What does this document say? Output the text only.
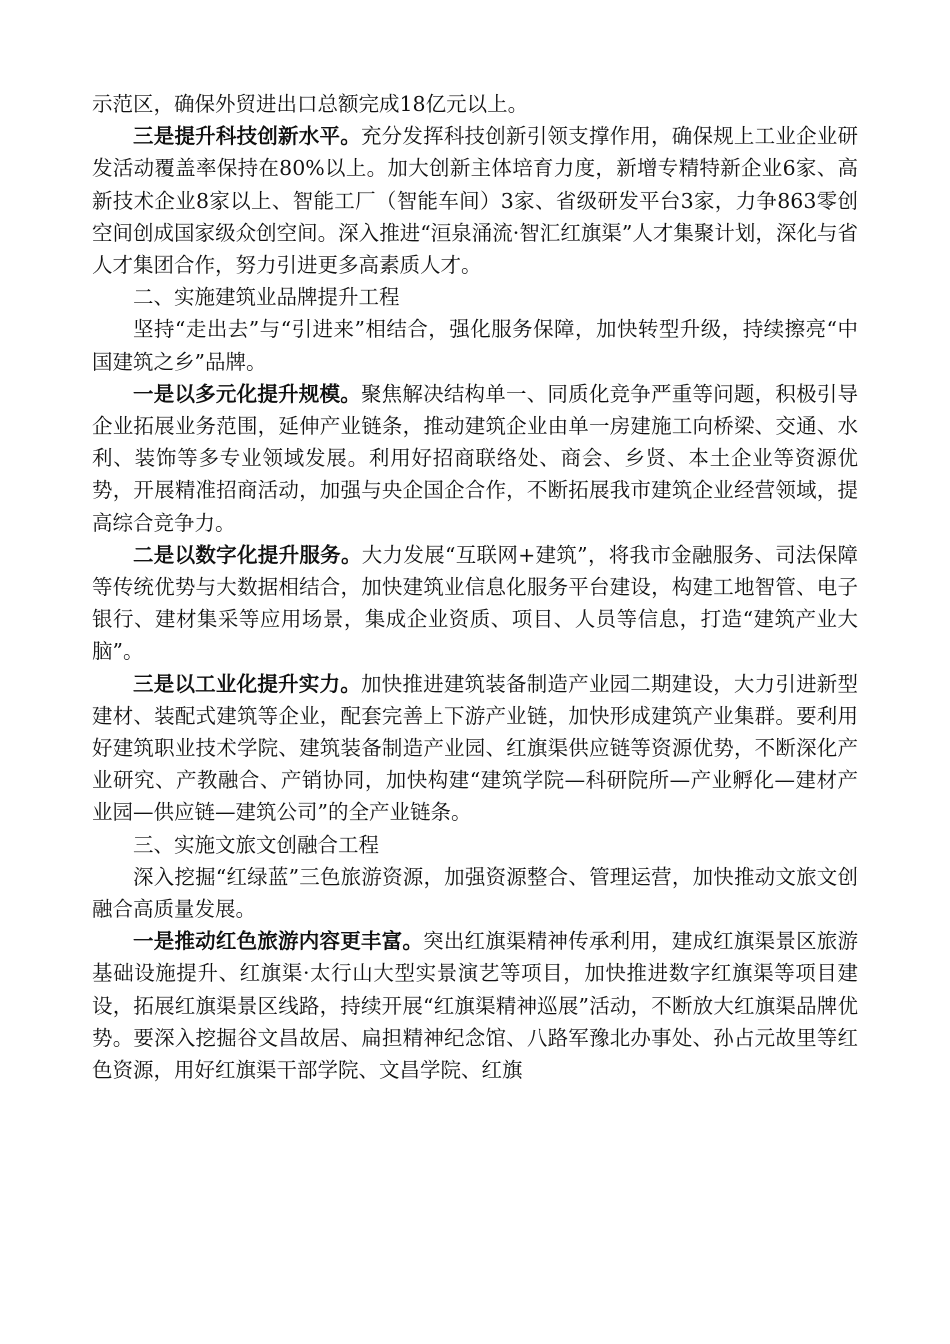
示范区，确保外贸进出口总额完成18亿元以上。

三是提升科技创新水平。充分发挥科技创新引领支撑作用，确保规上工业企业研发活动覆盖率保持在80%以上。加大创新主体培育力度，新增专精特新企业6家、高新技术企业8家以上、智能工厂（智能车间）3家、省级研发平台3家，力争863零创空间创成国家级众创空间。深入推进“洹泉涌流·智汇红旗渠”人才集聚计划，深化与省人才集团合作，努力引进更多高素质人才。

二、实施建筑业品牌提升工程

坚持“走出去”与“引进来”相结合，强化服务保障，加快转型升级，持续擦亮“中国建筑之乡”品牌。

一是以多元化提升规模。聚焦解决结构单一、同质化竞争严重等问题，积极引导企业拓展业务范围，延伸产业链条，推动建筑企业由单一房建施工向桥梁、交通、水利、装饰等多专业领域发展。利用好招商联络处、商会、乡贤、本土企业等资源优势，开展精准招商活动，加强与央企国企合作，不断拓展我市建筑企业经营领域，提高综合竞争力。

二是以数字化提升服务。大力发展“互联网+建筑”，将我市金融服务、司法保障等传统优势与大数据相结合，加快建筑业信息化服务平台建设，构建工地智管、电子银行、建材集采等应用场景，集成企业资质、项目、人员等信息，打造“建筑产业大脑”。

三是以工业化提升实力。加快推进建筑装备制造产业园二期建设，大力引进新型建材、装配式建筑等企业，配套完善上下游产业链，加快形成建筑产业集群。要利用好建筑职业技术学院、建筑装备制造产业园、红旗渠供应链等资源优势，不断深化产业研究、产教融合、产销协同，加快构建“建筑学院—科研院所—产业孵化—建材产业园—供应链—建筑公司”的全产业链条。

三、实施文旅文创融合工程

深入挖掘“红绿蓝”三色旅游资源，加强资源整合、管理运营，加快推动文旅文创融合高质量发展。

一是推动红色旅游内容更丰富。突出红旗渠精神传承利用，建成红旗渠景区旅游基础设施提升、红旗渠·太行山大型实景演艺等项目，加快推进数字红旗渠等项目建设，拓展红旗渠景区线路，持续开展“红旗渠精神巡展”活动，不断放大红旗渠品牌优势。要深入挖掘谷文昌故居、扁担精神纪念馆、八路军豫北办事处、孙占元故里等红色资源，用好红旗渠干部学院、文昌学院、红旗
